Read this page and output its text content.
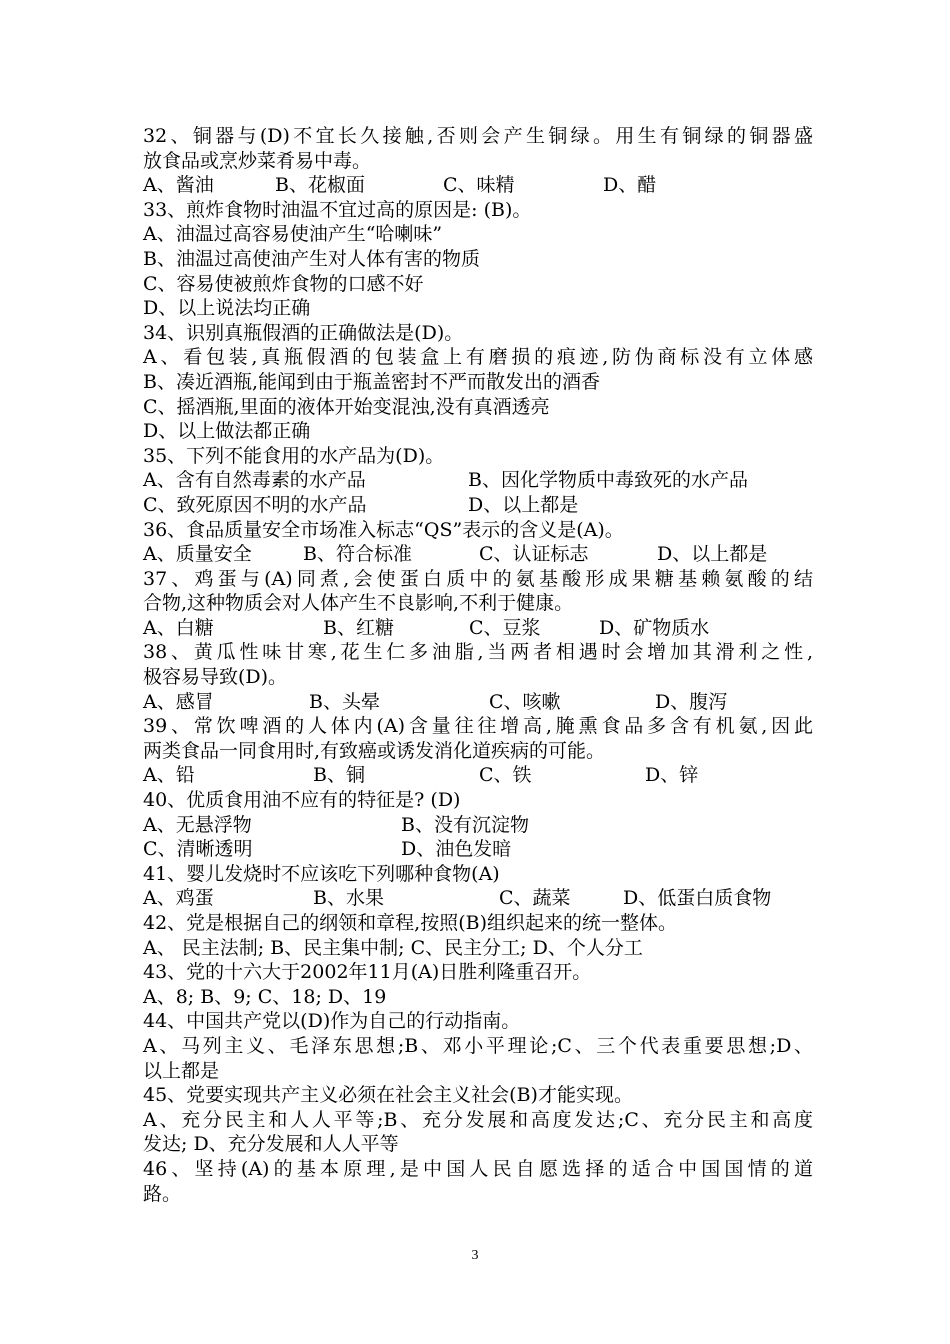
32、铜器与(D)不宜长久接触,否则会产生铜绿。用生有铜绿的铜器盛
放食品或烹炒菜肴易中毒。
A、酱油	B、花椒面	C、味精	D、醋
33、煎炸食物时油温不宜过高的原因是: (B)。
A、油温过高容易使油产生“哈喇味”
B、油温过高使油产生对人体有害的物质
C、容易使被煎炸食物的口感不好
D、以上说法均正确
34、识别真瓶假酒的正确做法是(D)。
A、看包装,真瓶假酒的包装盒上有磨损的痕迹,防伪商标没有立体感
B、凑近酒瓶,能闻到由于瓶盖密封不严而散发出的酒香
C、摇酒瓶,里面的液体开始变混浊,没有真酒透亮
D、以上做法都正确
35、下列不能食用的水产品为(D)。
A、含有自然毒素的水产品	B、因化学物质中毒致死的水产品
C、致死原因不明的水产品	D、以上都是
36、食品质量安全市场准入标志“QS”表示的含义是(A)。
A、质量安全	B、符合标准	C、认证标志	D、以上都是
37、鸡蛋与(A)同煮,会使蛋白质中的氨基酸形成果糖基赖氨酸的结
合物,这种物质会对人体产生不良影响,不利于健康。
A、白糖	B、红糖	C、豆浆	D、矿物质水
38、黄瓜性味甘寒,花生仁多油脂,当两者相遇时会增加其滑利之性,
极容易导致(D)。
A、感冒	B、头晕	C、咳嗽	D、腹泻
39、常饮啤酒的人体内(A)含量往往增高,腌熏食品多含有机氨,因此
两类食品一同食用时,有致癌或诱发消化道疾病的可能。
A、铅	B、铜	C、铁	D、锌
40、优质食用油不应有的特征是? (D)
A、无悬浮物	B、没有沉淀物
C、清晰透明	D、油色发暗
41、婴儿发烧时不应该吃下列哪种食物(A)
A、鸡蛋	B、水果	C、蔬菜	D、低蛋白质食物
42、党是根据自己的纲领和章程,按照(B)组织起来的统一整体。
A、 民主法制; B、民主集中制; C、民主分工; D、个人分工
43、党的十六大于2002年11月(A)日胜利隆重召开。
A、8; B、9; C、18; D、19
44、中国共产党以(D)作为自己的行动指南。
A、马列主义、毛泽东思想;B、邓小平理论;C、三个代表重要思想;D、
以上都是
45、党要实现共产主义必须在社会主义社会(B)才能实现。
A、充分民主和人人平等;B、充分发展和高度发达;C、充分民主和高度
发达; D、充分发展和人人平等
46、坚持(A)的基本原理,是中国人民自愿选择的适合中国国情的道
路。
3
